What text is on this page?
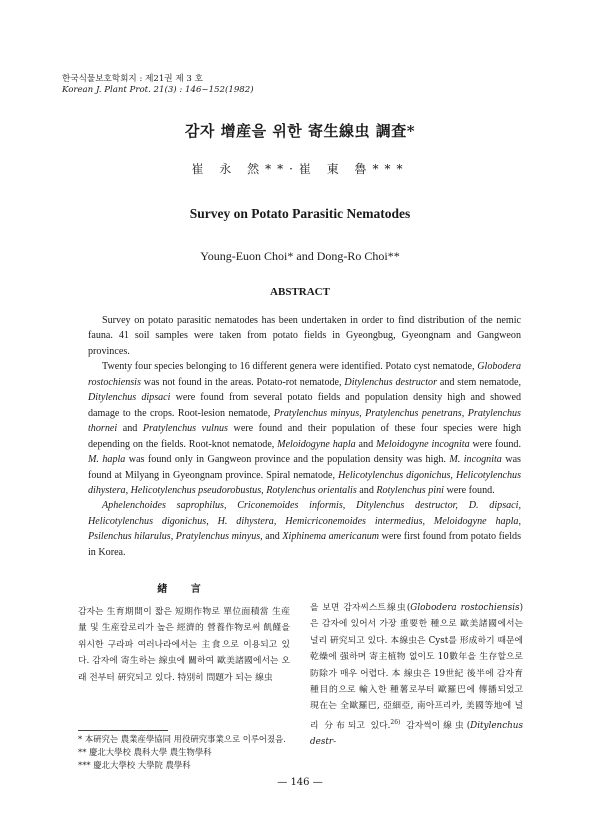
한국식물보호학회지 : 제21권 제 3 호
Korean J. Plant Prot. 21(3) : 146~152(1982)
감자 增産을 위한 寄生線虫 調査*
崔 永 然**·崔 東 魯***
Survey on Potato Parasitic Nematodes
Young-Euon Choi* and Dong-Ro Choi**
ABSTRACT

Survey on potato parasitic nematodes has been undertaken in order to find distribution of the nemic fauna. 41 soil samples were taken from potato fields in Gyeongbug, Gyeongnam and Gangweon provinces.

Twenty four species belonging to 16 different genera were identified. Potato cyst nematode, Globodera rostochiensis was not found in the areas. Potato-rot nematode, Ditylenchus destructor and stem nematode, Ditylenchus dipsaci were found from several potato fields and population density high and showed damage to the crops. Root-lesion nematode, Pratylenchus minyus, Pratylenchus penetrans, Pratylenchus thornei and Pratylenchus vulnus were found and their population of these four species were high depending on the fields. Root-knot nematode, Meloidogyne hapla and Meloidogyne incognita were found. M. hapla was found only in Gangweon province and the population density was high. M. incognita was found at Milyang in Gyeongnam province. Spiral nematode, Helicotylenchus digonichus, Helicotylenchus dihystera, Helicotylenchus pseudorobustus, Rotylenchus orientalis and Rotylenchus pini were found.

Aphelenchoides saprophilus, Criconemoides informis, Ditylenchus destructor, D. dipsaci, Helicotylenchus digonichus, H. dihystera, Hemicriconemoides intermedius, Meloidogyne hapla, Psilenchus hilarulus, Pratylenchus minyus, and Xiphinema americanum were first found from potato fields in Korea.

緖 言
감자는 生育期間이 짧은 短期作物로 單位面積當 生産量 및 生産칼로리가 높은 經濟的 營養作物로써 飢饉을 위시한 구라파 여러나라에서는 主食으로 이용되고 있다. 감자에 寄生하는 線虫에 關하여 歐美諸國에서는 오래 전부터 硏究되고 있다. 特別히 問題가 되는 線虫
을 보면 감자씨스트線虫(Globodera rostochiensis)은 감자에 있어서 가장 重要한 種으로 歐美諸國에서는 널리 硏究되고 있다. 本線虫은 Cyst를 形成하기 때문에 乾燥에 强하며 寄主植物 없이도 10數年을 生存할으로 防除가 매우 어렵다. 本 線虫은 19世紀 後半에 감자育種目的으로 輸入한 種薯로부터 歐羅巴에 傳播되었고 現在는 全歐羅巴, 亞細亞, 南아프리카, 美國等地에 널리 分布되고 있다.$^{26)}$ 감자썩이線虫(Ditylenchus destr-
* 本硏究는 農業産學協同 用役硏究事業으로 이루어졌음.
** 慶北大學校 農科大學 農生物學科
*** 慶北大學校 大學院 農學科
— 146 —
